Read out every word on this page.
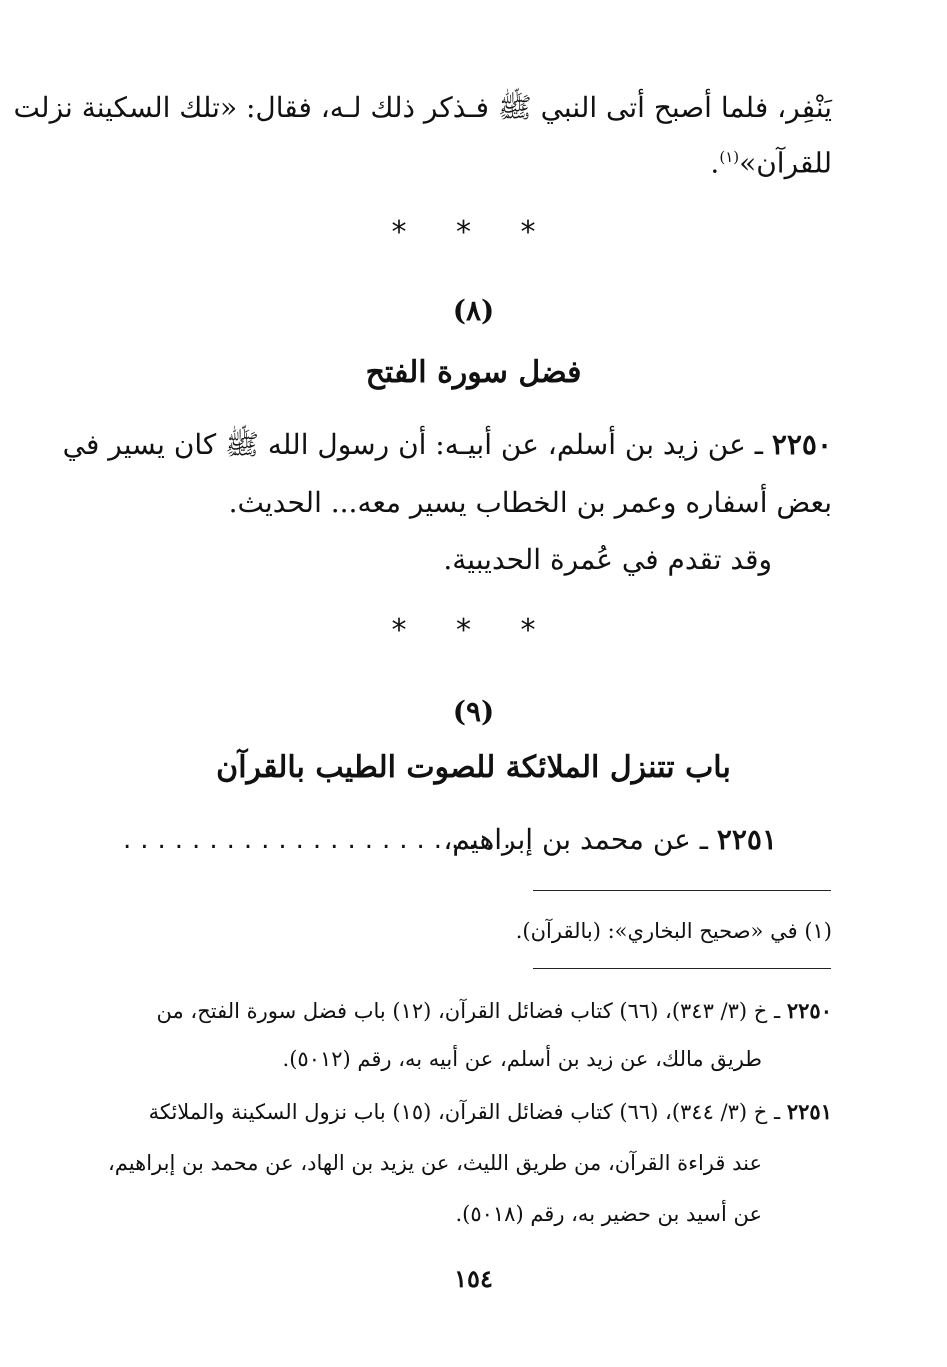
يَنْفِر، فلما أصبح أتى النبي ﷺ فـذكر ذلك لـه، فقال: «تلك السكينة نزلت
للقرآن»$^{(١)}$.
* * *
(٨)
فضل سورة الفتح
٢٢٥٠ ـ عن زيد بن أسلم، عن أبيـه: أن رسول الله ﷺ كان يسير في
بعض أسفاره وعمر بن الخطاب يسير معه... الحديث.
وقد تقدم في عُمرة الحديبية.
* * *
(٩)
باب تتنزل الملائكة للصوت الطيب بالقرآن
٢٢٥١ ـ عن محمد بن إبراهيم،
.......................
(١) في «صحيح البخاري»: (بالقرآن).
٢٢٥٠ ـ خ (٣/ ٣٤٣)، (٦٦) كتاب فضائل القرآن، (١٢) باب فضل سورة الفتح، من
طريق مالك، عن زيد بن أسلم، عن أبيه به، رقم (٥٠١٢).
٢٢٥١ ـ خ (٣/ ٣٤٤)، (٦٦) كتاب فضائل القرآن، (١٥) باب نزول السكينة والملائكة
عند قراءة القرآن، من طريق الليث، عن يزيد بن الهاد، عن محمد بن إبراهيم،
عن أسيد بن حضير به، رقم (٥٠١٨).
١٥٤
